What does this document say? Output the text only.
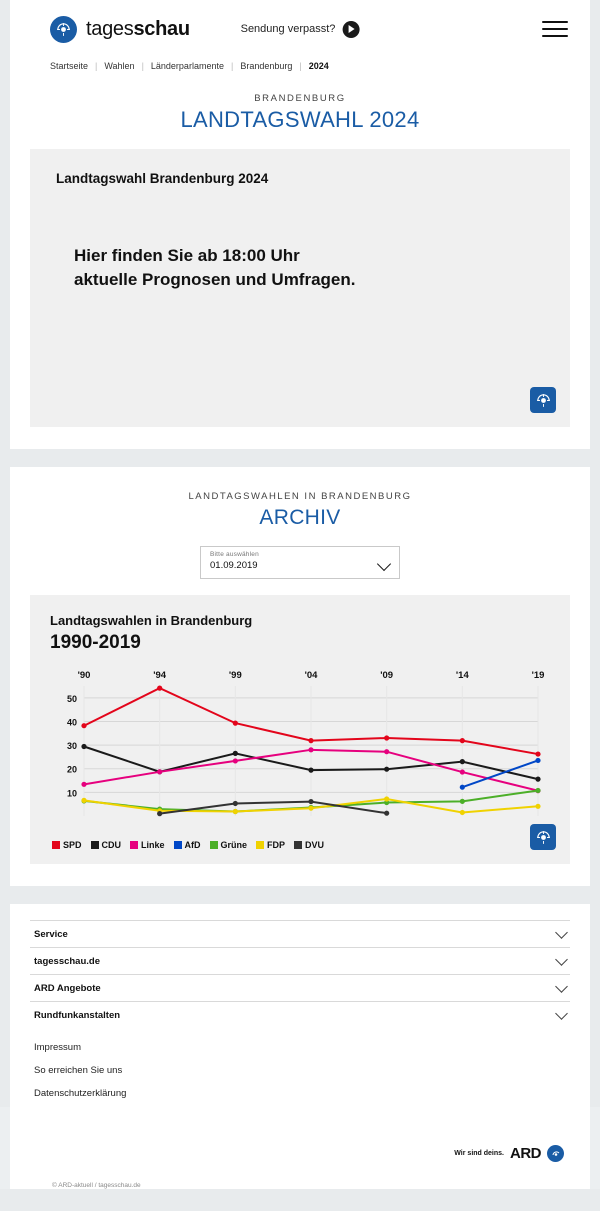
tagesschau	Sendung verpasst?
Startseite | Wahlen | Länderparlamente | Brandenburg | 2024
BRANDENBURG
LANDTAGSWAHL 2024
Landtagswahl Brandenburg 2024
Hier finden Sie ab 18:00 Uhr
aktuelle Prognosen und Umfragen.
LANDTAGSWAHLEN IN BRANDENBURG
ARCHIV
Bitte auswählen
01.09.2019
Landtagswahlen in Brandenburg
1990-2019
10
20
30
40
50
'90	'94	'99	'04	'09	'14	'19
SPD CDU Linke AfD Grüne FDP DVU
Service
tagesschau.de
ARD Angebote
Rundfunkanstalten
Impressum
So erreichen Sie uns
Datenschutzerklärung
Wir sind deins. ARD
© ARD-aktuell / tagesschau.de
